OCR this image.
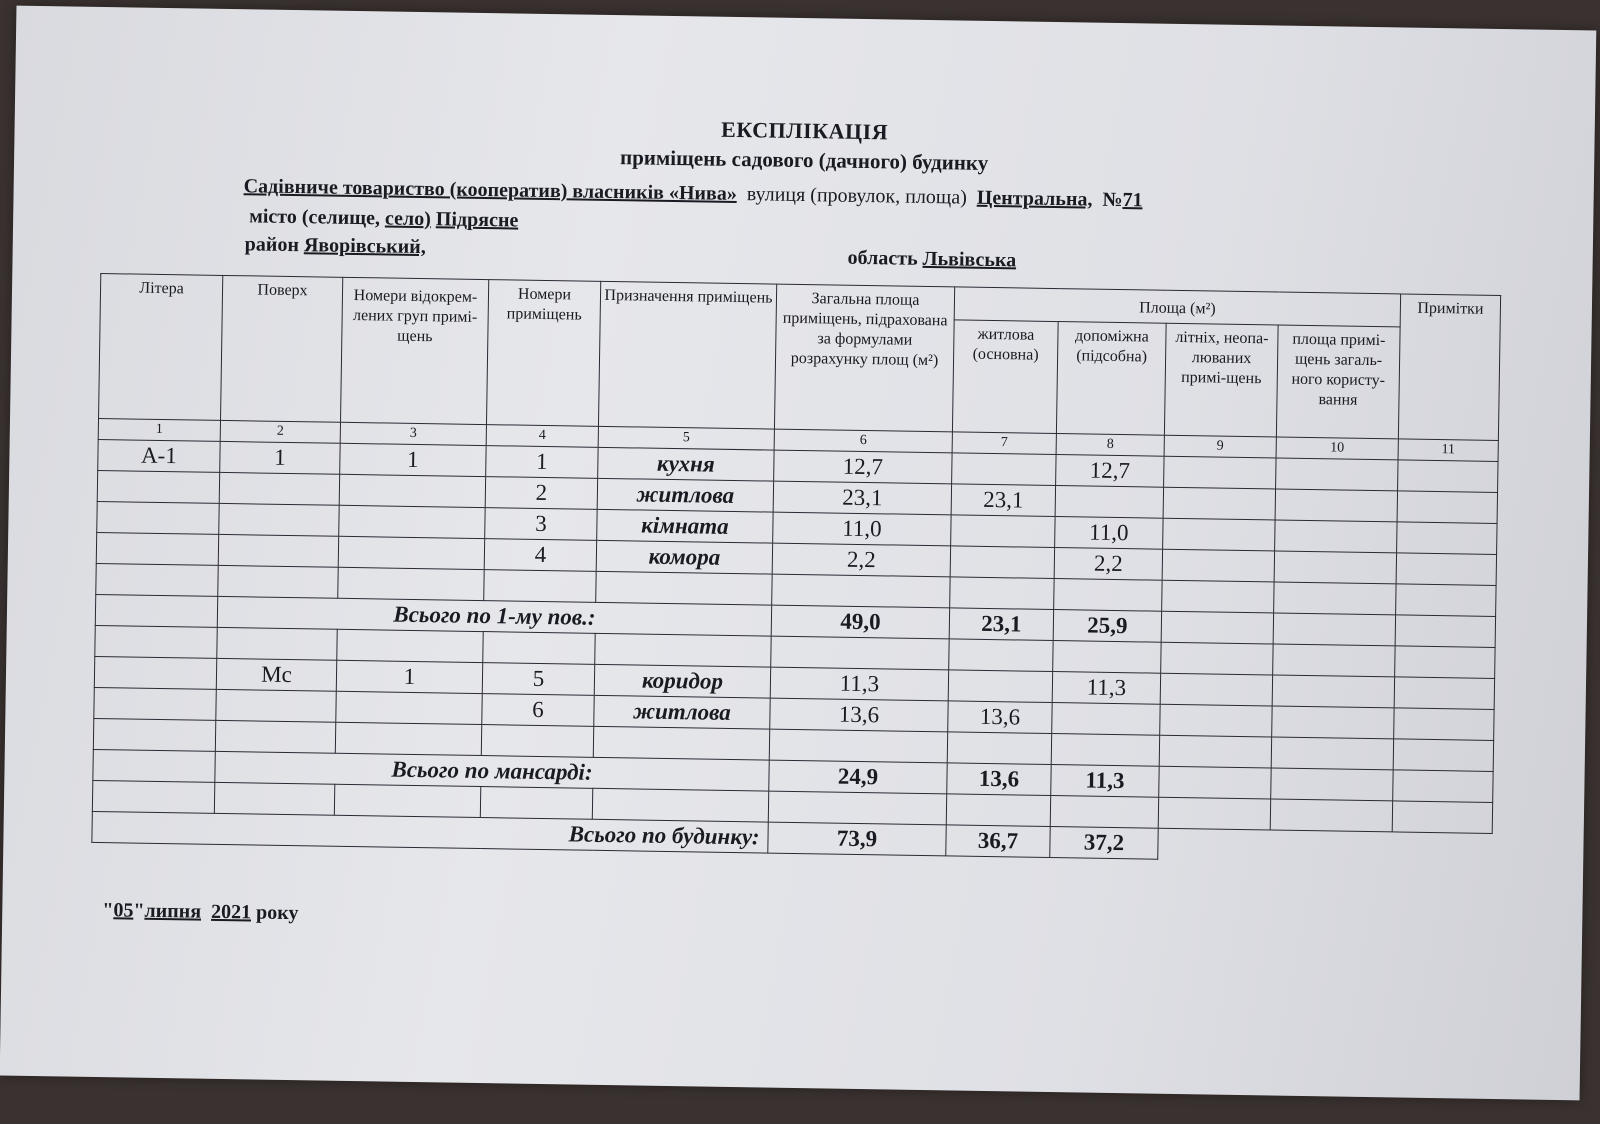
ЕКСПЛІКАЦІЯ
приміщень садового (дачного) будинку
Садівниче товариство (кооператив) власників «Нива» вулиця (провулок, площа) Центральна, №71
місто (селище, село) Підрясне
район Яворівський,
область Львівська
Літера	Поверх	Номери відокрем-лених груп примі-щень	Номери приміщень	Призначення приміщень	Загальна площа приміщень, підрахована за формулами розрахунку площ (м²)	Площа (м²)				Примітки
						житлова (основна)	допоміжна (підсобна)	літніх, неопа-люваних примі-щень	площа примі-щень загаль-ного користу-вання	
1	2	3	4	5	6	7	8	9	10	11
А-1	1	1	1	кухня	12,7		12,7			
			2	житлова	23,1	23,1				
			3	кімната	11,0		11,0			
			4	комора	2,2		2,2			

	Всього по 1-му пов.:				49,0	23,1	25,9			

	Мс	1	5	коридор	11,3		11,3			
			6	житлова	13,6	13,6				

	Всього по мансарді:				24,9	13,6	11,3			

Всього по будинку:					73,9	36,7	37,2			
"05"липня 2021 року
